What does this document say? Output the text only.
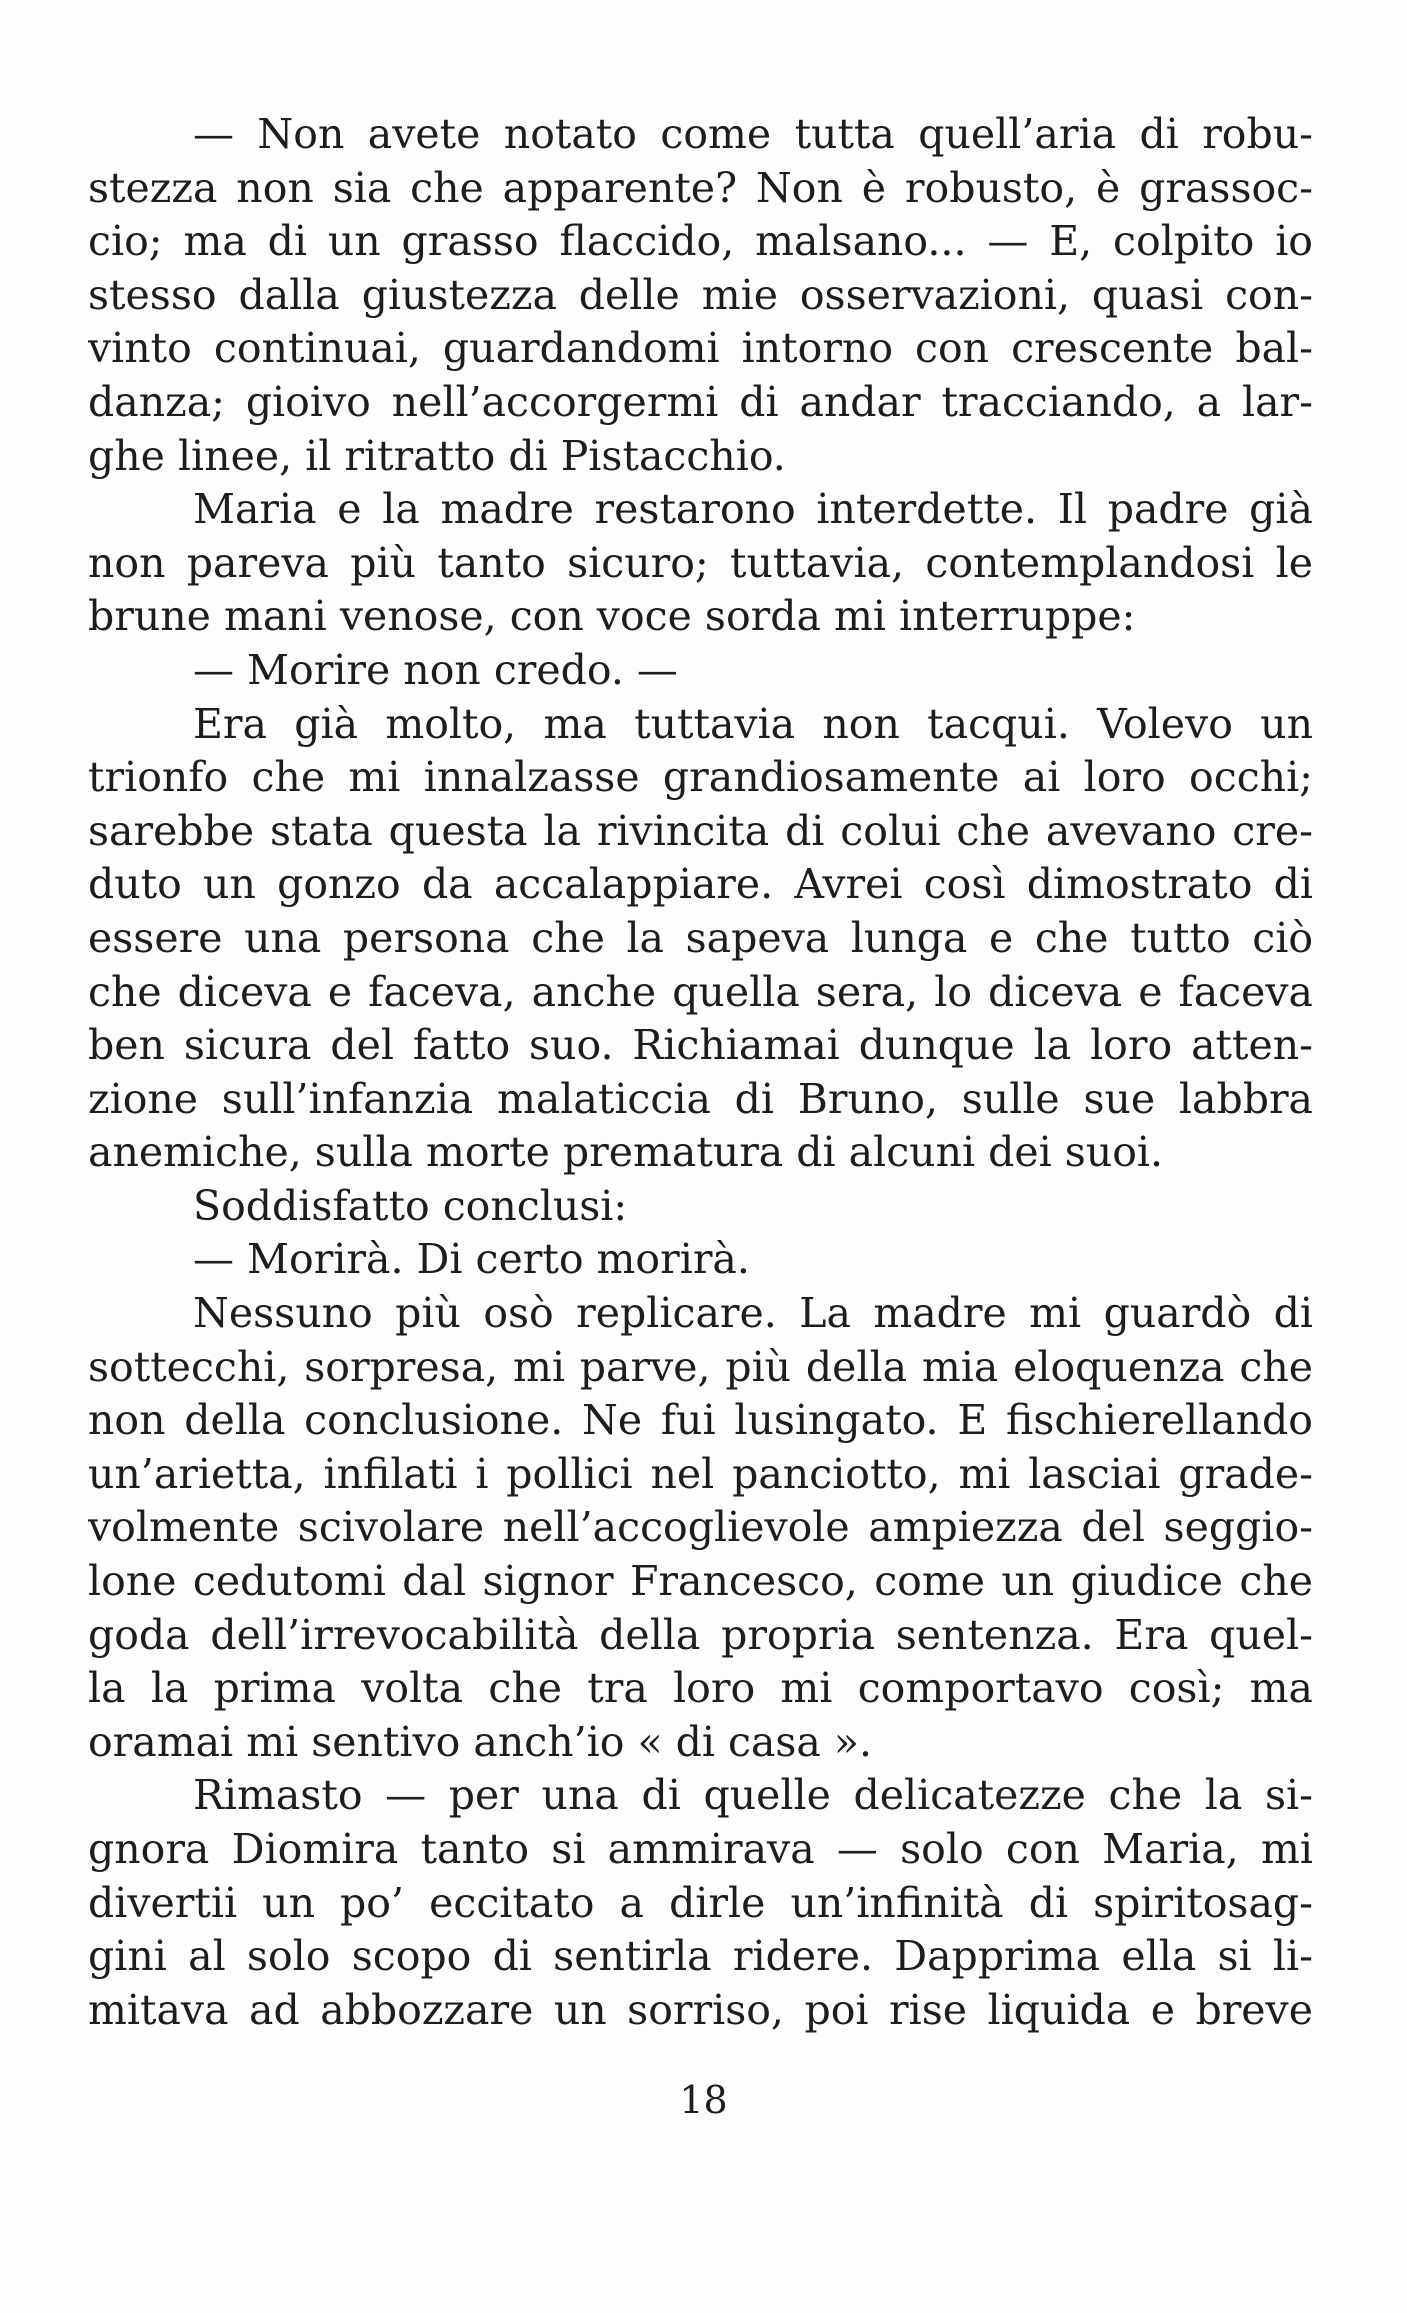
— Non avete notato come tutta quell’aria di robu-
stezza non sia che apparente? Non è robusto, è grassoc-
cio; ma di un grasso flaccido, malsano... — E, colpito io
stesso dalla giustezza delle mie osservazioni, quasi con-
vinto continuai, guardandomi intorno con crescente bal-
danza; gioivo nell’accorgermi di andar tracciando, a lar-
ghe linee, il ritratto di Pistacchio.
Maria e la madre restarono interdette. Il padre già
non pareva più tanto sicuro; tuttavia, contemplandosi le
brune mani venose, con voce sorda mi interruppe:
— Morire non credo. —
Era già molto, ma tuttavia non tacqui. Volevo un
trionfo che mi innalzasse grandiosamente ai loro occhi;
sarebbe stata questa la rivincita di colui che avevano cre-
duto un gonzo da accalappiare. Avrei così dimostrato di
essere una persona che la sapeva lunga e che tutto ciò
che diceva e faceva, anche quella sera, lo diceva e faceva
ben sicura del fatto suo. Richiamai dunque la loro atten-
zione sull’infanzia malaticcia di Bruno, sulle sue labbra
anemiche, sulla morte prematura di alcuni dei suoi.
Soddisfatto conclusi:
— Morirà. Di certo morirà.
Nessuno più osò replicare. La madre mi guardò di
sottecchi, sorpresa, mi parve, più della mia eloquenza che
non della conclusione. Ne fui lusingato. E fischierellando
un’arietta, infilati i pollici nel panciotto, mi lasciai grade-
volmente scivolare nell’accoglievole ampiezza del seggio-
lone cedutomi dal signor Francesco, come un giudice che
goda dell’irrevocabilità della propria sentenza. Era quel-
la la prima volta che tra loro mi comportavo così; ma
oramai mi sentivo anch’io « di casa ».
Rimasto — per una di quelle delicatezze che la si-
gnora Diomira tanto si ammirava — solo con Maria, mi
divertii un po’ eccitato a dirle un’infinità di spiritosag-
gini al solo scopo di sentirla ridere. Dapprima ella si li-
mitava ad abbozzare un sorriso, poi rise liquida e breve
18
